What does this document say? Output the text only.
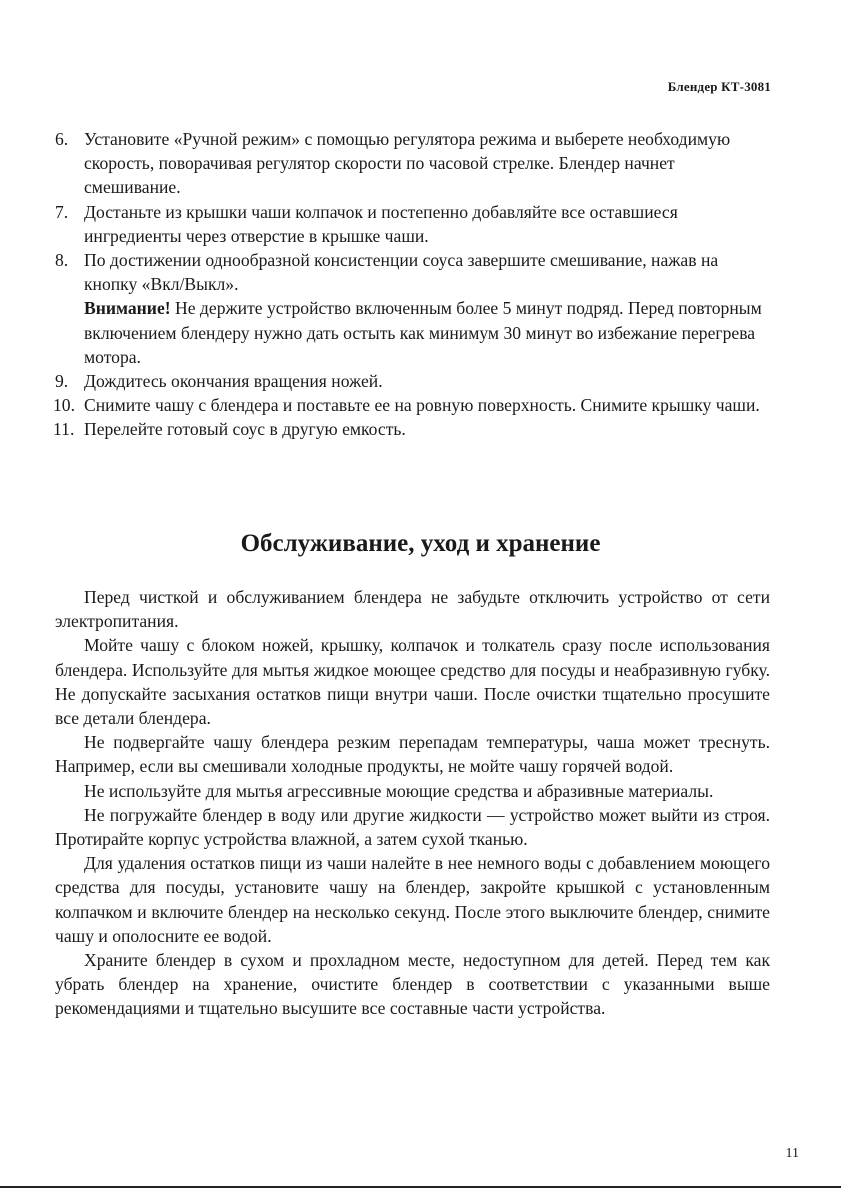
Блендер КТ-3081
6. Установите «Ручной режим» с помощью регулятора режима и выберете необходимую скорость, поворачивая регулятор скорости по часовой стрелке. Блендер начнет смешивание.
7. Достаньте из крышки чаши колпачок и постепенно добавляйте все оставшиеся ингредиенты через отверстие в крышке чаши.
8. По достижении однообразной консистенции соуса завершите смешивание, нажав на кнопку «Вкл/Выкл».
Внимание! Не держите устройство включенным более 5 минут подряд. Перед повторным включением блендеру нужно дать остыть как минимум 30 минут во избежание перегрева мотора.
9. Дождитесь окончания вращения ножей.
10. Снимите чашу с блендера и поставьте ее на ровную поверхность. Снимите крышку чаши.
11. Перелейте готовый соус в другую емкость.
Обслуживание, уход и хранение

Перед чисткой и обслуживанием блендера не забудьте отключить устройство от сети электропитания.

Мойте чашу с блоком ножей, крышку, колпачок и толкатель сразу после использования блендера. Используйте для мытья жидкое моющее средство для посуды и неабразивную губку. Не допускайте засыхания остатков пищи внутри чаши. После очистки тщательно просушите все детали блендера.

Не подвергайте чашу блендера резким перепадам температуры, чаша может треснуть. Например, если вы смешивали холодные продукты, не мойте чашу горячей водой.

Не используйте для мытья агрессивные моющие средства и абразивные материалы.

Не погружайте блендер в воду или другие жидкости — устройство может выйти из строя. Протирайте корпус устройства влажной, а затем сухой тканью.

Для удаления остатков пищи из чаши налейте в нее немного воды с добавлением моющего средства для посуды, установите чашу на блендер, закройте крышкой с установленным колпачком и включите блендер на несколько секунд. После этого выключите блендер, снимите чашу и ополосните ее водой.

Храните блендер в сухом и прохладном месте, недоступном для детей. Перед тем как убрать блендер на хранение, очистите блендер в соответствии с указанными выше рекомендациями и тщательно высушите все составные части устройства.

11
